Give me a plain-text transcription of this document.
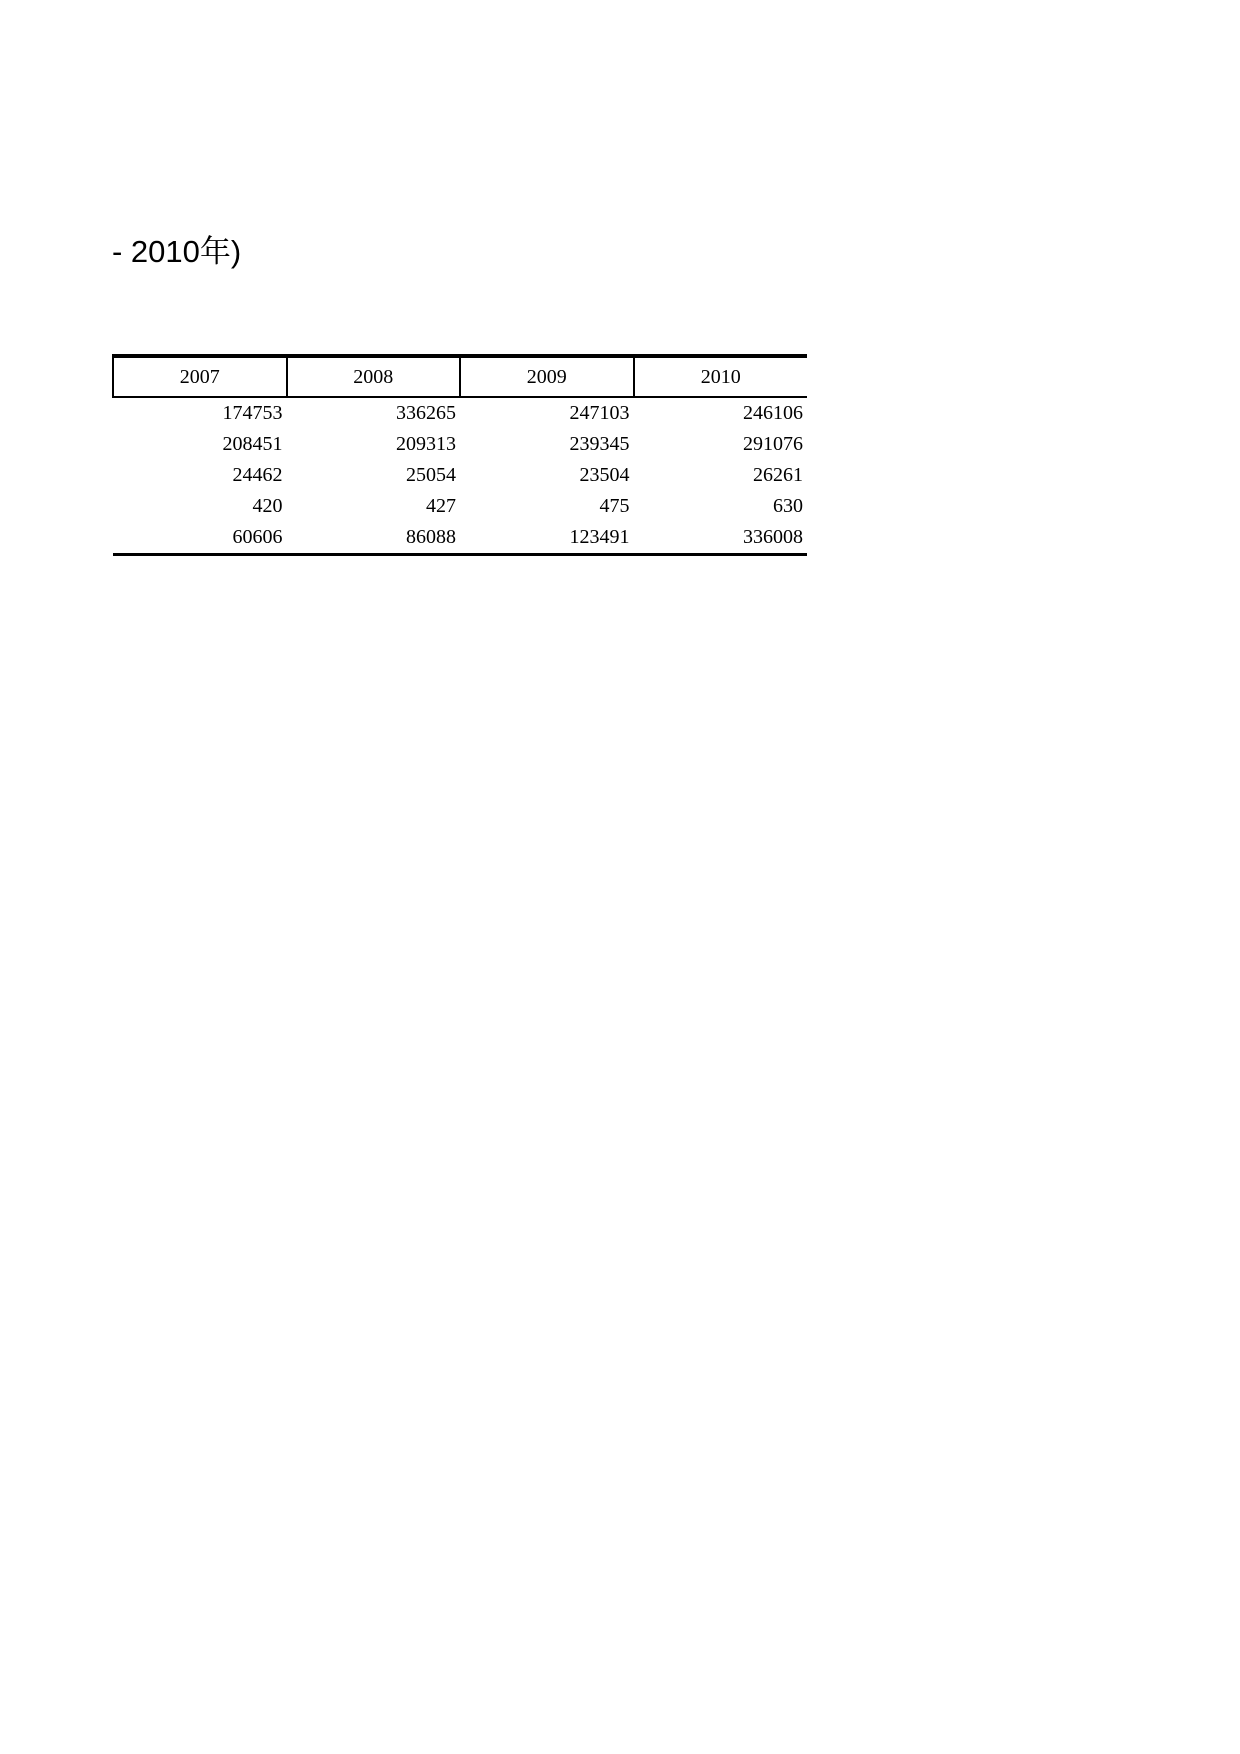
- 2010年)
2007	2008	2009	2010
174753	336265	247103	246106
208451	209313	239345	291076
24462	25054	23504	26261
420	427	475	630
60606	86088	123491	336008
